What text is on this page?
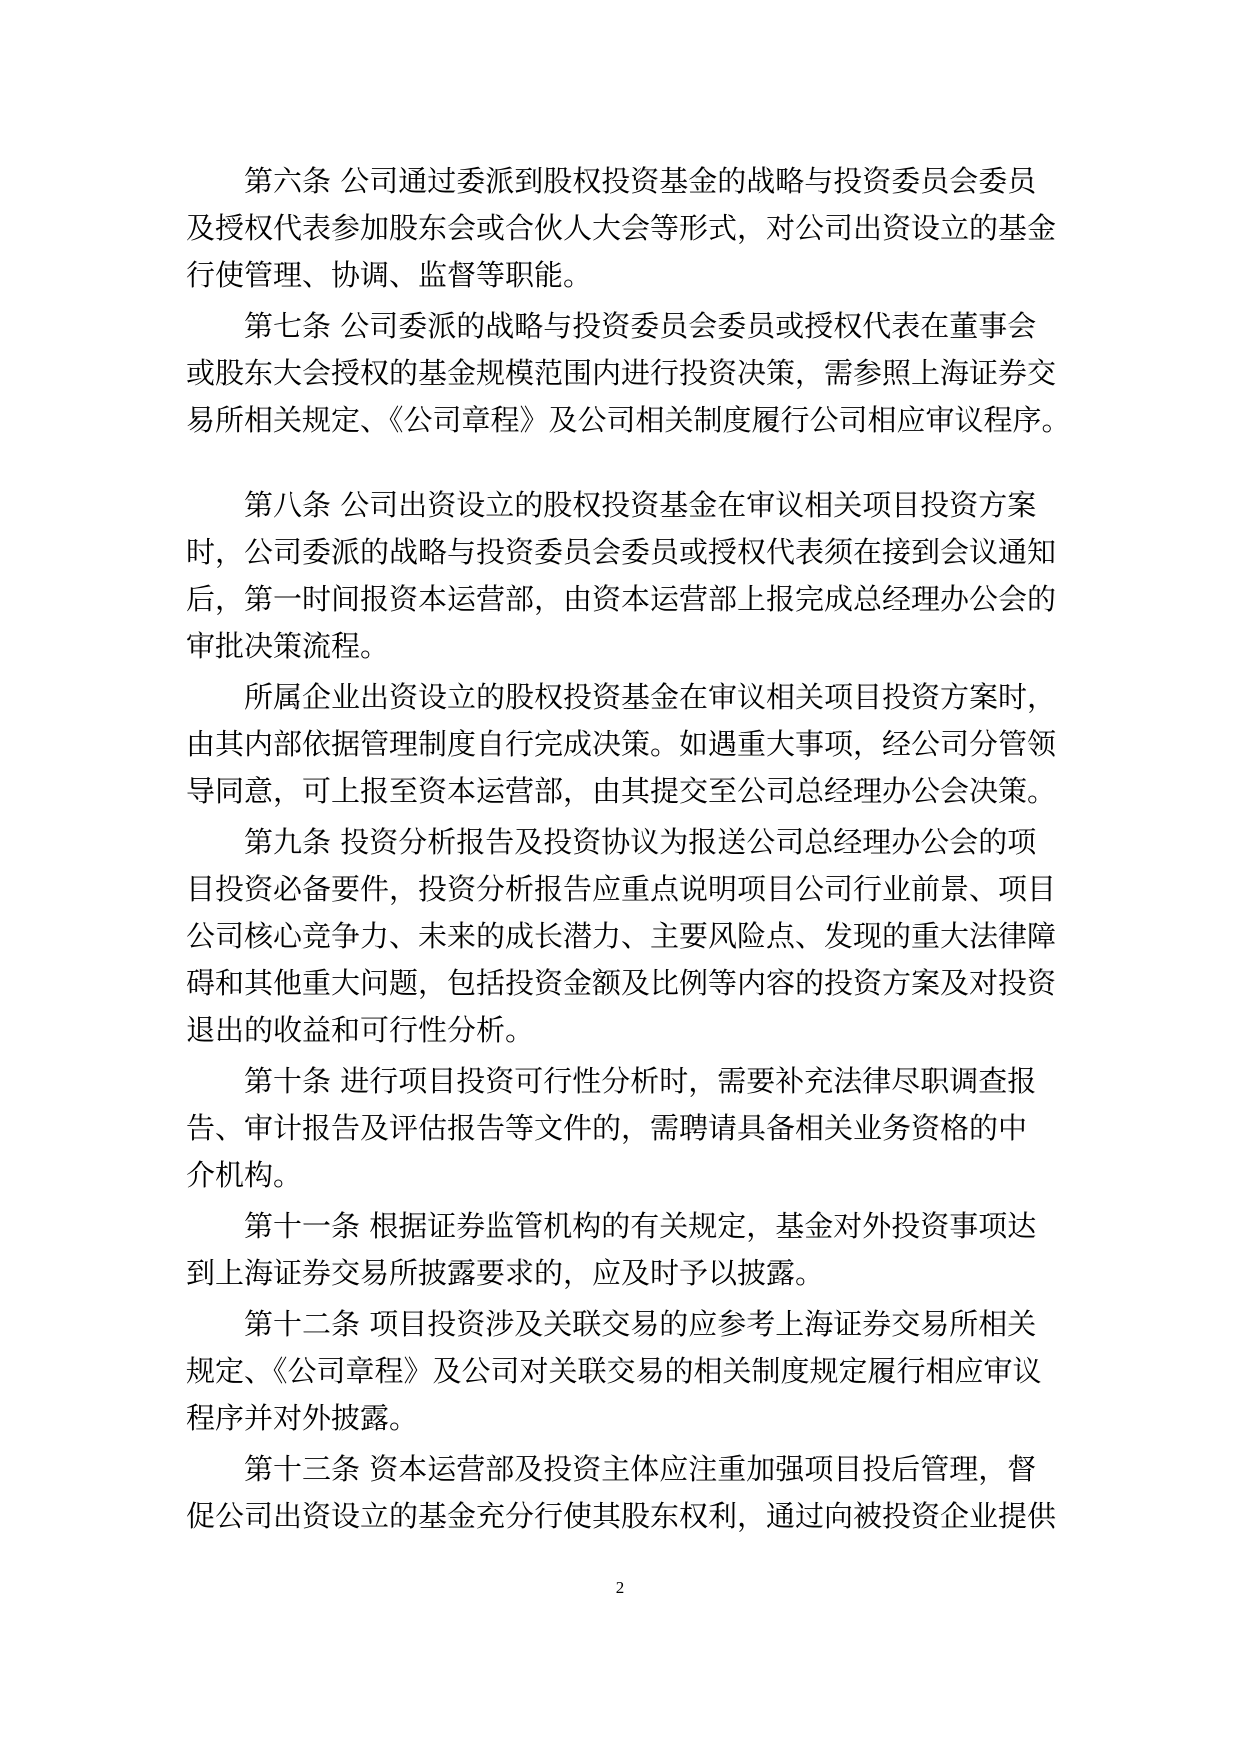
第六条 公司通过委派到股权投资基金的战略与投资委员会委员
及授权代表参加股东会或合伙人大会等形式，对公司出资设立的基金
行使管理、协调、监督等职能。
第七条 公司委派的战略与投资委员会委员或授权代表在董事会
或股东大会授权的基金规模范围内进行投资决策，需参照上海证券交
易所相关规定、《公司章程》及公司相关制度履行公司相应审议程序。
第八条 公司出资设立的股权投资基金在审议相关项目投资方案
时，公司委派的战略与投资委员会委员或授权代表须在接到会议通知
后，第一时间报资本运营部，由资本运营部上报完成总经理办公会的
审批决策流程。
所属企业出资设立的股权投资基金在审议相关项目投资方案时，
由其内部依据管理制度自行完成决策。如遇重大事项，经公司分管领
导同意，可上报至资本运营部，由其提交至公司总经理办公会决策。
第九条 投资分析报告及投资协议为报送公司总经理办公会的项
目投资必备要件，投资分析报告应重点说明项目公司行业前景、项目
公司核心竞争力、未来的成长潜力、主要风险点、发现的重大法律障
碍和其他重大问题，包括投资金额及比例等内容的投资方案及对投资
退出的收益和可行性分析。
第十条 进行项目投资可行性分析时，需要补充法律尽职调查报
告、审计报告及评估报告等文件的，需聘请具备相关业务资格的中
介机构。
第十一条 根据证券监管机构的有关规定，基金对外投资事项达
到上海证券交易所披露要求的，应及时予以披露。
第十二条 项目投资涉及关联交易的应参考上海证券交易所相关
规定、《公司章程》及公司对关联交易的相关制度规定履行相应审议
程序并对外披露。
第十三条 资本运营部及投资主体应注重加强项目投后管理，督
促公司出资设立的基金充分行使其股东权利，通过向被投资企业提供
2
